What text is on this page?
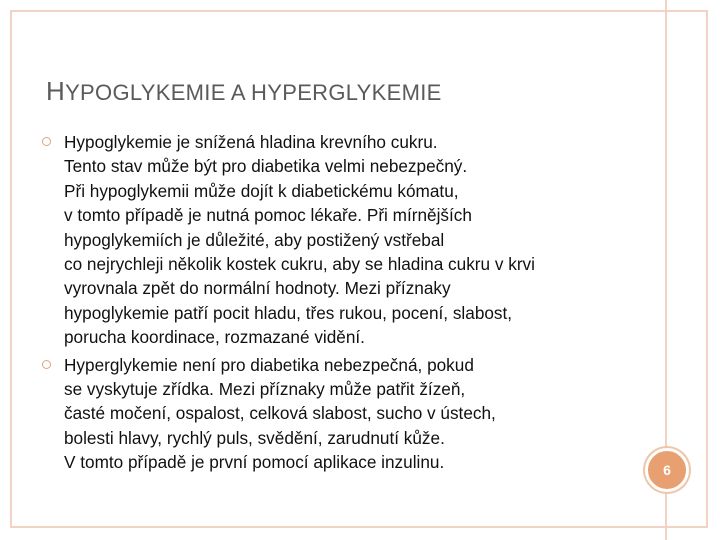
HYPOGLYKEMIE A HYPERGLYKEMIE
Hypoglykemie je snížená hladina krevního cukru.
Tento stav může být pro diabetika velmi nebezpečný.
Při hypoglykemii může dojít k diabetickému kómatu,
v tomto případě je nutná pomoc lékaře. Při mírnějších
hypoglykemiích je důležité, aby postižený vstřebal
co nejrychleji několik kostek cukru, aby se hladina cukru v krvi
vyrovnala zpět do normální hodnoty. Mezi příznaky
hypoglykemie patří pocit hladu, třes rukou, pocení, slabost,
porucha koordinace, rozmazané vidění.
Hyperglykemie není pro diabetika nebezpečná, pokud
se vyskytuje zřídka. Mezi příznaky může patřit žízeň,
časté močení, ospalost, celková slabost, sucho v ústech,
bolesti hlavy, rychlý puls, svědění, zarudnutí kůže.
V tomto případě je první pomocí aplikace inzulinu.	6
